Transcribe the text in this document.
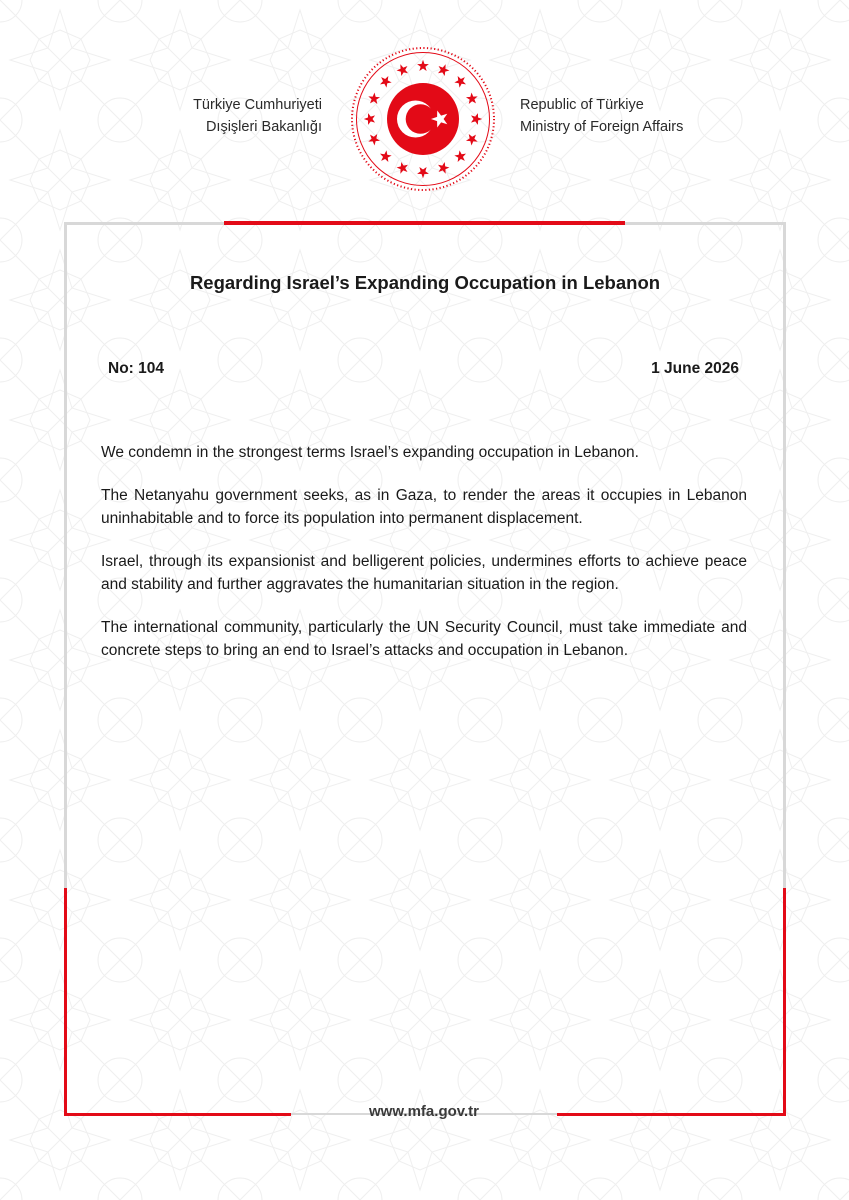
Türkiye Cumhuriyeti
Dışişleri Bakanlığı
Republic of Türkiye
Ministry of Foreign Affairs
Regarding Israel’s Expanding Occupation in Lebanon
No: 104	1 June 2026

We condemn in the strongest terms Israel’s expanding occupation in Lebanon.

The Netanyahu government seeks, as in Gaza, to render the areas it occupies in Lebanon uninhabitable and to force its population into permanent displacement.

Israel, through its expansionist and belligerent policies, undermines efforts to achieve peace and stability and further aggravates the humanitarian situation in the region.

The international community, particularly the UN Security Council, must take immediate and concrete steps to bring an end to Israel’s attacks and occupation in Lebanon.

www.mfa.gov.tr
